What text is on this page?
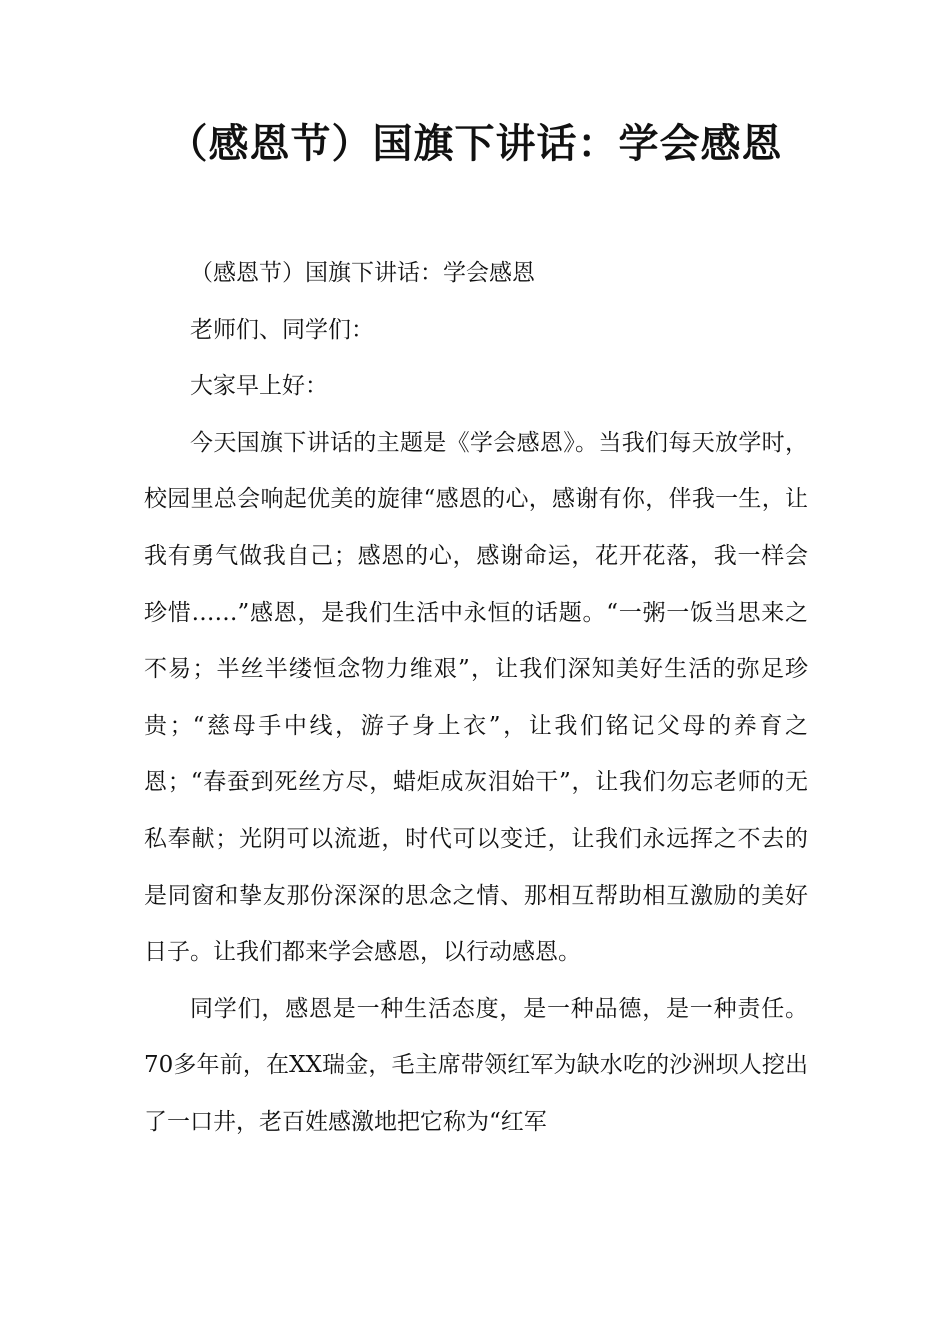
（感恩节）国旗下讲话：学会感恩

（感恩节）国旗下讲话：学会感恩

老师们、同学们：

大家早上好：

今天国旗下讲话的主题是《学会感恩》。当我们每天放学时，校园里总会响起优美的旋律“感恩的心，感谢有你，伴我一生，让我有勇气做我自己；感恩的心，感谢命运，花开花落，我一样会珍惜……”感恩，是我们生活中永恒的话题。“一粥一饭当思来之不易；半丝半缕恒念物力维艰”，让我们深知美好生活的弥足珍贵；“慈母手中线，游子身上衣”，让我们铭记父母的养育之恩；“春蚕到死丝方尽，蜡炬成灰泪始干”，让我们勿忘老师的无私奉献；光阴可以流逝，时代可以变迁，让我们永远挥之不去的是同窗和挚友那份深深的思念之情、那相互帮助相互激励的美好日子。让我们都来学会感恩，以行动感恩。

同学们，感恩是一种生活态度，是一种品德，是一种责任。 70多年前，在XX瑞金，毛主席带领红军为缺水吃的沙洲坝人挖出了一口井，老百姓感激地把它称为“红军
